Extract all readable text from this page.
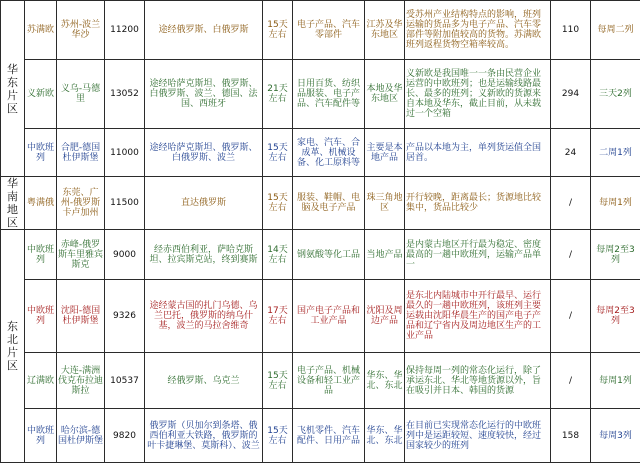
华东片区	苏满欧	苏州-波兰华沙	11200	途经俄罗斯、白俄罗斯	15天左右	电子产品、汽车零部件	江苏及华东地区	受苏州产业结构特点的影响，班列运输的货品多为电子产品、汽车零部件等附加值较高的货物。苏满欧班列返程货物空箱率较高。	110	每周二列
	义新欧	义乌-马德里	13052	途经哈萨克斯坦、俄罗斯、白俄罗斯、波兰、德国、法国、西班牙	21天左右	日用百货、纺织品服装、电子产品、汽车配件等	本地及华东地区	义新欧是我国唯一一条由民营企业运营的中欧班列；也是运输线路最长、最多的班列；义新欧的货源来自本地及华东，截止目前，从未载过一个空箱	294	三天2列
	中欧班列	合肥-德国杜伊斯堡	11000	途经哈萨克斯坦、俄罗斯、白俄罗斯、波兰	15天左右	家电、汽车、合成革、机械设备、化工原料等	主要是本地产品	产品以本地为主，单列货运值全国居首。	24	二周1列
华南地区	粤满俄	东莞、广州-俄罗斯卡卢加州	11500	直达俄罗斯	15天左右	服装、鞋帽、电脑及电子产品	珠三角地区	开行较晚，距离最长；货源地比较集中，货品比较少	/	每周1列
东北片区	中欧班列	赤峰-俄罗斯车里雅宾斯克	9000	经赤西伯利亚，萨哈克斯坦、拉宾斯克站，终到赛斯	14天左右	钢氨酸等化工品	当地产品	是内蒙古地区开行最为稳定、密度最高的一趟中欧班列，运输产品单一	/	每周2至3列
	中欧班列	沈阳-德国杜伊斯堡	9326	途经蒙古国的扎门乌德、乌兰巴托，俄罗斯的纳乌什基，波兰的马拉舍维奇	17天左右	国产电子产品和工业产品	沈阳及周边产品	是东北内陆城市中开行最早、运行最久的一趟中欧班列，该班列主要运载由沈阳华晨生产的国产电子产品和辽宁省内及周边地区生产的工业产品	/	每周2至3列
	辽满欧	大连-满洲伐克布拉迪斯拉	10537	经俄罗斯、乌克兰	15天左右	电子产品、机械设备和轻工业产品	华东、华北、东北	保持每周一列的常态化运行，除了承运东北、华北等地货源以外，旨在吸引并日本、韩国的货源	/	每周1列
	中欧班列	哈尔滨-德国杜伊斯堡	9820	俄罗斯（贝加尔到条塔、俄西伯利亚大铁路，俄罗斯的叶卡捷琳堡、莫斯科）、波兰	15天左右	飞机零件、汽车配件、日用产品	华东、华北、东北	在目前已实现常态化运行的中欧班列中是运距较短、速度较快，经过国家较少的班列	158	每周3列
